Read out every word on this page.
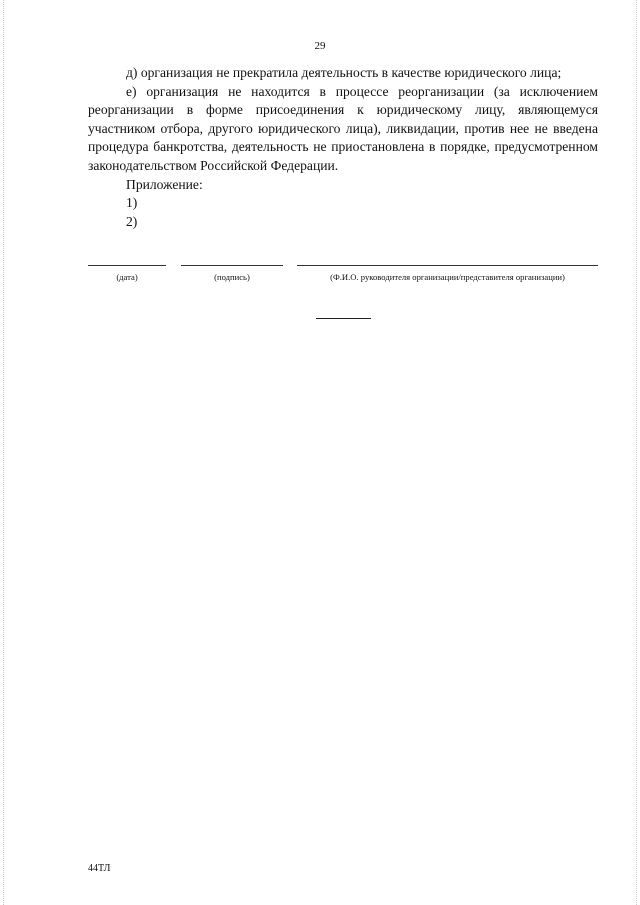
29

д) организация не прекратила деятельность в качестве юридического лица;

е) организация не находится в процессе реорганизации (за исключением реорганизации в форме присоединения к юридическому лицу, являющемуся участником отбора, другого юридического лица), ликвидации, против нее не введена процедура банкротства, деятельность не приостановлена в порядке, предусмотренном законодательством Российской Федерации.

Приложение:

1)

2)

(дата)	(подпись)	(Ф.И.О. руководителя организации/представителя организации)
44ТЛ
